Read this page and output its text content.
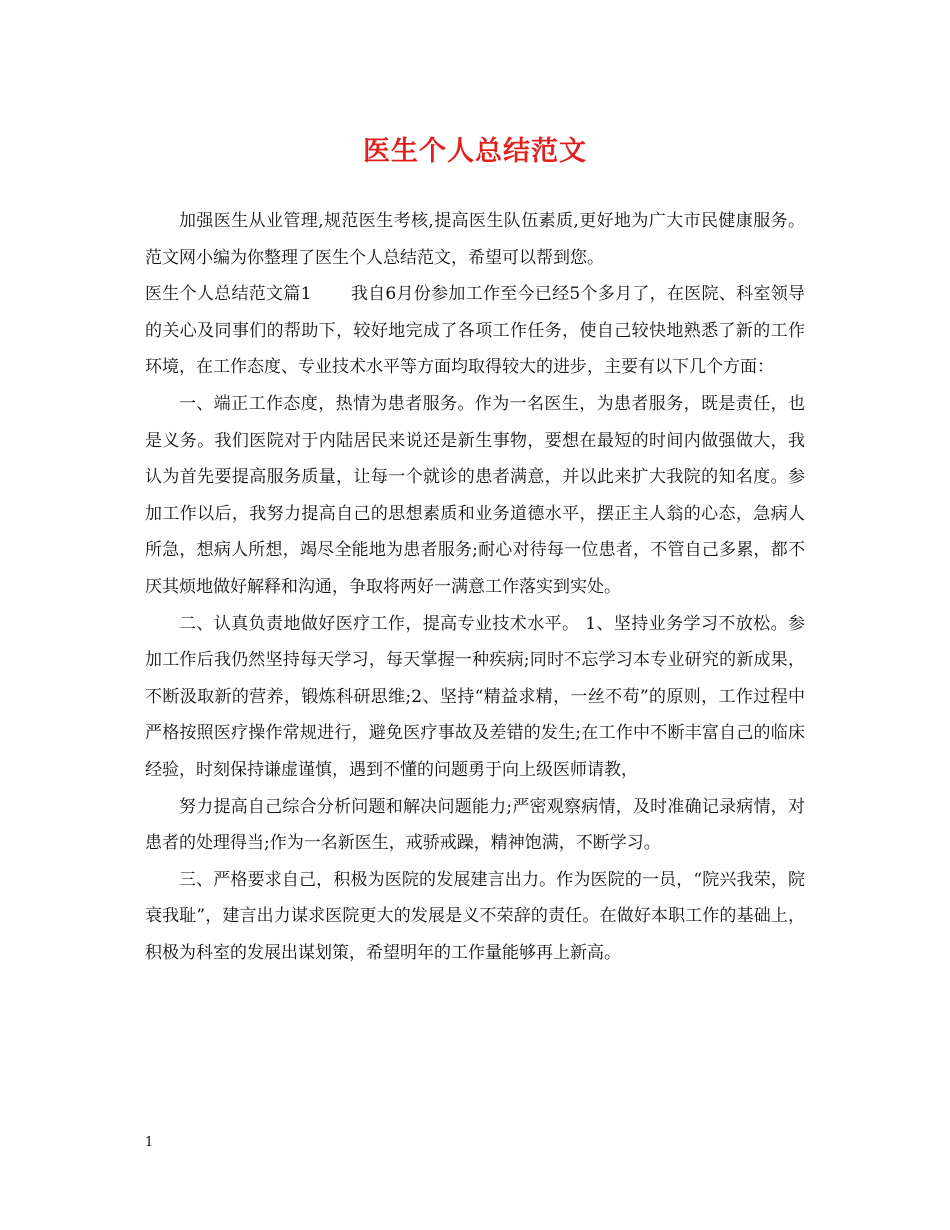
医生个人总结范文

加强医生从业管理,规范医生考核,提高医生队伍素质,更好地为广大市民健康服务。范文网小编为你整理了医生个人总结范文，希望可以帮到您。

医生个人总结范文篇1 我自6月份参加工作至今已经5个多月了，在医院、科室领导的关心及同事们的帮助下，较好地完成了各项工作任务，使自己较快地熟悉了新的工作环境，在工作态度、专业技术水平等方面均取得较大的进步，主要有以下几个方面：

一、端正工作态度，热情为患者服务。作为一名医生，为患者服务，既是责任，也是义务。我们医院对于内陆居民来说还是新生事物，要想在最短的时间内做强做大，我认为首先要提高服务质量，让每一个就诊的患者满意，并以此来扩大我院的知名度。参加工作以后，我努力提高自己的思想素质和业务道德水平，摆正主人翁的心态，急病人所急，想病人所想，竭尽全能地为患者服务;耐心对待每一位患者，不管自己多累，都不厌其烦地做好解释和沟通，争取将两好一满意工作落实到实处。

二、认真负责地做好医疗工作，提高专业技术水平。 1、坚持业务学习不放松。参加工作后我仍然坚持每天学习，每天掌握一种疾病;同时不忘学习本专业研究的新成果，不断汲取新的营养，锻炼科研思维;2、坚持“精益求精，一丝不苟”的原则，工作过程中严格按照医疗操作常规进行，避免医疗事故及差错的发生;在工作中不断丰富自己的临床经验，时刻保持谦虚谨慎，遇到不懂的问题勇于向上级医师请教，

努力提高自己综合分析问题和解决问题能力;严密观察病情，及时准确记录病情，对患者的处理得当;作为一名新医生，戒骄戒躁，精神饱满，不断学习。

三、严格要求自己，积极为医院的发展建言出力。作为医院的一员，“院兴我荣，院衰我耻”，建言出力谋求医院更大的发展是义不荣辞的责任。在做好本职工作的基础上，积极为科室的发展出谋划策，希望明年的工作量能够再上新高。

1
